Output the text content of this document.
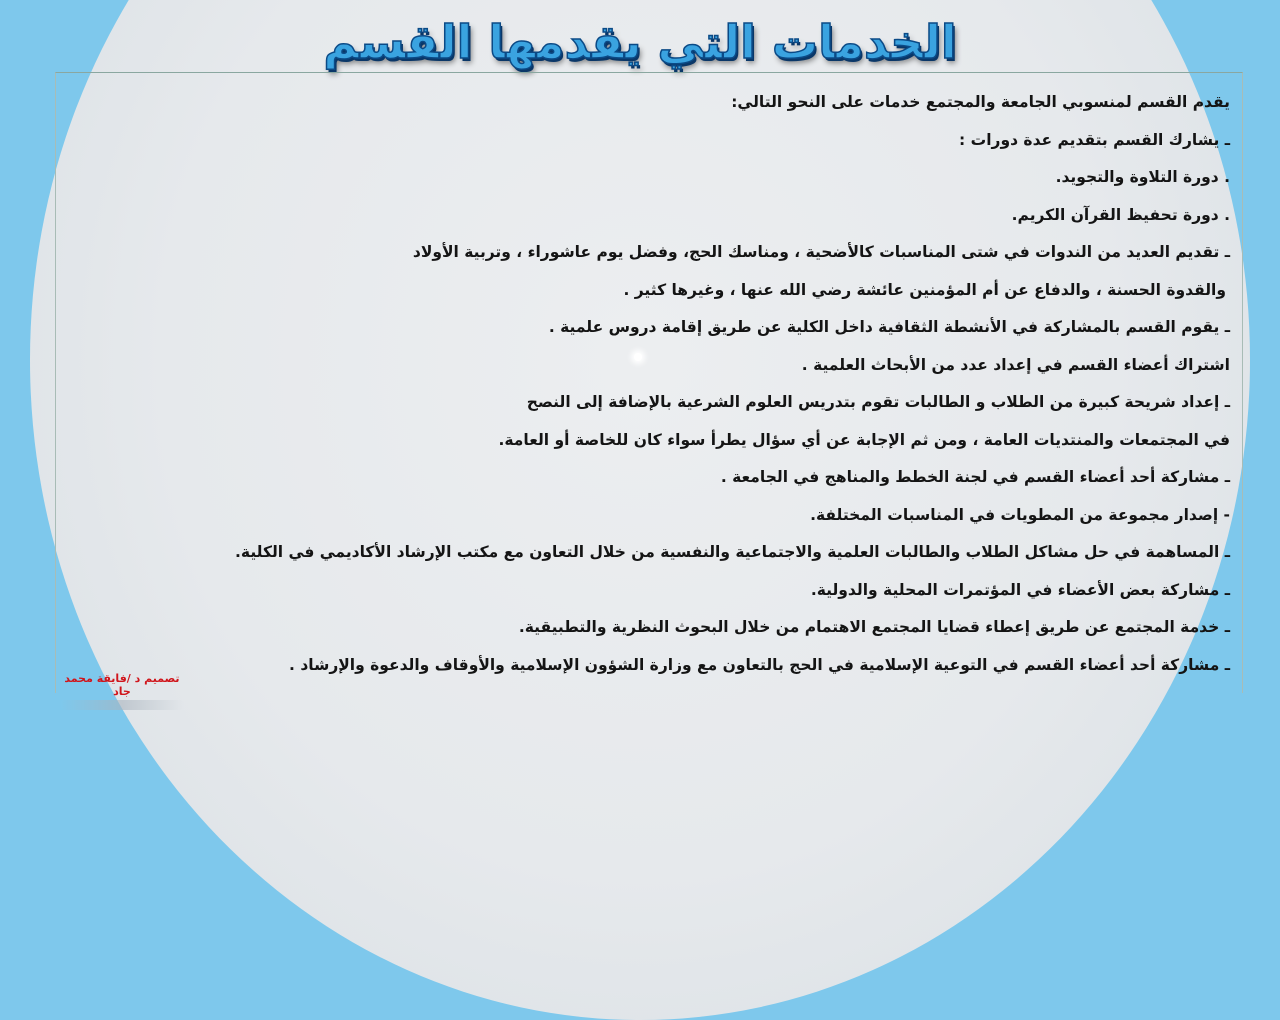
الخدمات التي يقدمها القسم
يقدم القسم لمنسوبي الجامعة والمجتمع خدمات على النحو التالي:
ـ يشارك القسم بتقديم عدة دورات :
. دورة التلاوة والتجويد.
. دورة تحفيظ القرآن الكريم.
ـ تقديم العديد من الندوات في شتى المناسبات كالأضحية ، ومناسك الحج، وفضل يوم عاشوراء ، وتربية الأولاد
والقدوة الحسنة ، والدفاع عن أم المؤمنين عائشة رضي الله عنها ، وغيرها كثير .
ـ يقوم القسم بالمشاركة في الأنشطة الثقافية داخل الكلية عن طريق إقامة دروس علمية .
اشتراك أعضاء القسم في إعداد عدد من الأبحاث العلمية .
ـ إعداد شريحة كبيرة من الطلاب و الطالبات تقوم بتدريس العلوم الشرعية بالإضافة إلى النصح
في المجتمعات والمنتديات العامة ، ومن ثم الإجابة عن أي سؤال يطرأ سواء كان للخاصة أو العامة.
ـ مشاركة أحد أعضاء القسم في لجنة الخطط والمناهج في الجامعة .
- إصدار مجموعة من المطويات في المناسبات المختلفة.
ـ المساهمة في حل مشاكل الطلاب والطالبات العلمية والاجتماعية والنفسية من خلال التعاون مع مكتب الإرشاد الأكاديمي في الكلية.
ـ مشاركة بعض الأعضاء في المؤتمرات المحلية والدولية.
ـ خدمة المجتمع عن طريق إعطاء قضايا المجتمع الاهتمام من خلال البحوث النظرية والتطبيقية.
ـ مشاركة أحد أعضاء القسم في التوعية الإسلامية في الحج بالتعاون مع وزارة الشؤون الإسلامية والأوقاف والدعوة والإرشاد .
تصميم د /فايقة محمد جاد
